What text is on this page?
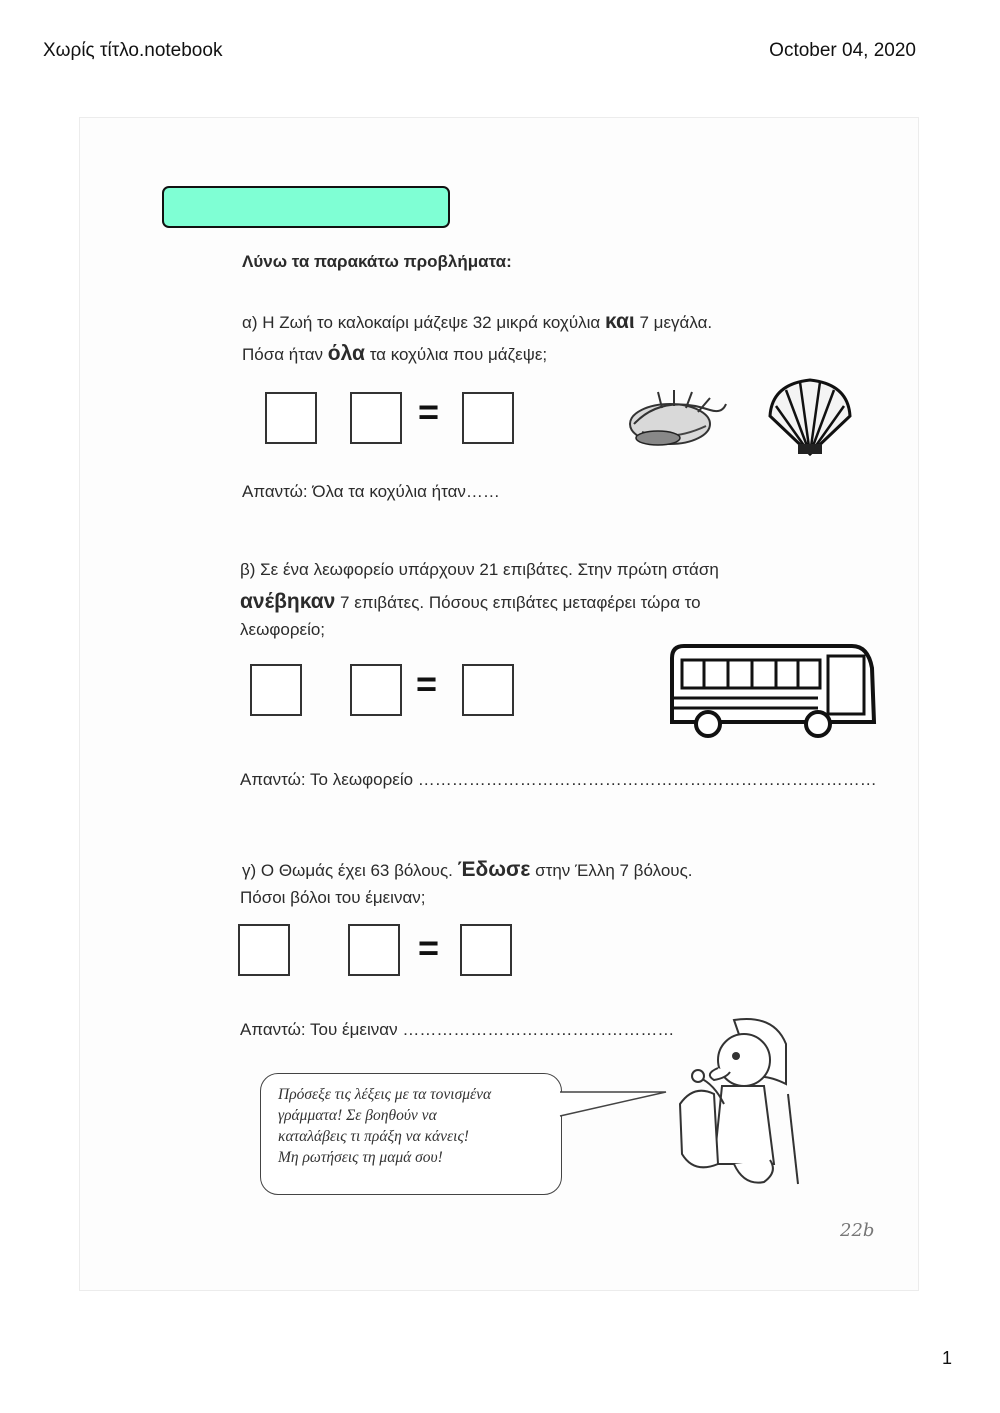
Χωρίς τίτλο.notebook	October 04, 2020
Λύνω τα παρακάτω προβλήματα:
α) Η Ζωή το καλοκαίρι μάζεψε 32 μικρά κοχύλια και 7 μεγάλα.
Πόσα ήταν όλα τα κοχύλια που μάζεψε;
=
Απαντώ: Όλα τα κοχύλια ήταν……
β) Σε ένα λεωφορείο υπάρχουν 21 επιβάτες. Στην πρώτη στάση
ανέβηκαν 7 επιβάτες. Πόσους επιβάτες μεταφέρει τώρα το
λεωφορείο;
=
Απαντώ: Το λεωφορείο ………………………………………………………………………
γ) Ο Θωμάς έχει 63 βόλους. Έδωσε στην Έλλη 7 βόλους.
Πόσοι βόλοι του έμειναν;
=
Απαντώ: Του έμειναν …………………………………………
Πρόσεξε τις λέξεις με τα τονισμένα
γράμματα! Σε βοηθούν να
καταλάβεις τι πράξη να κάνεις!
Μη ρωτήσεις τη μαμά σου!
22b
1
